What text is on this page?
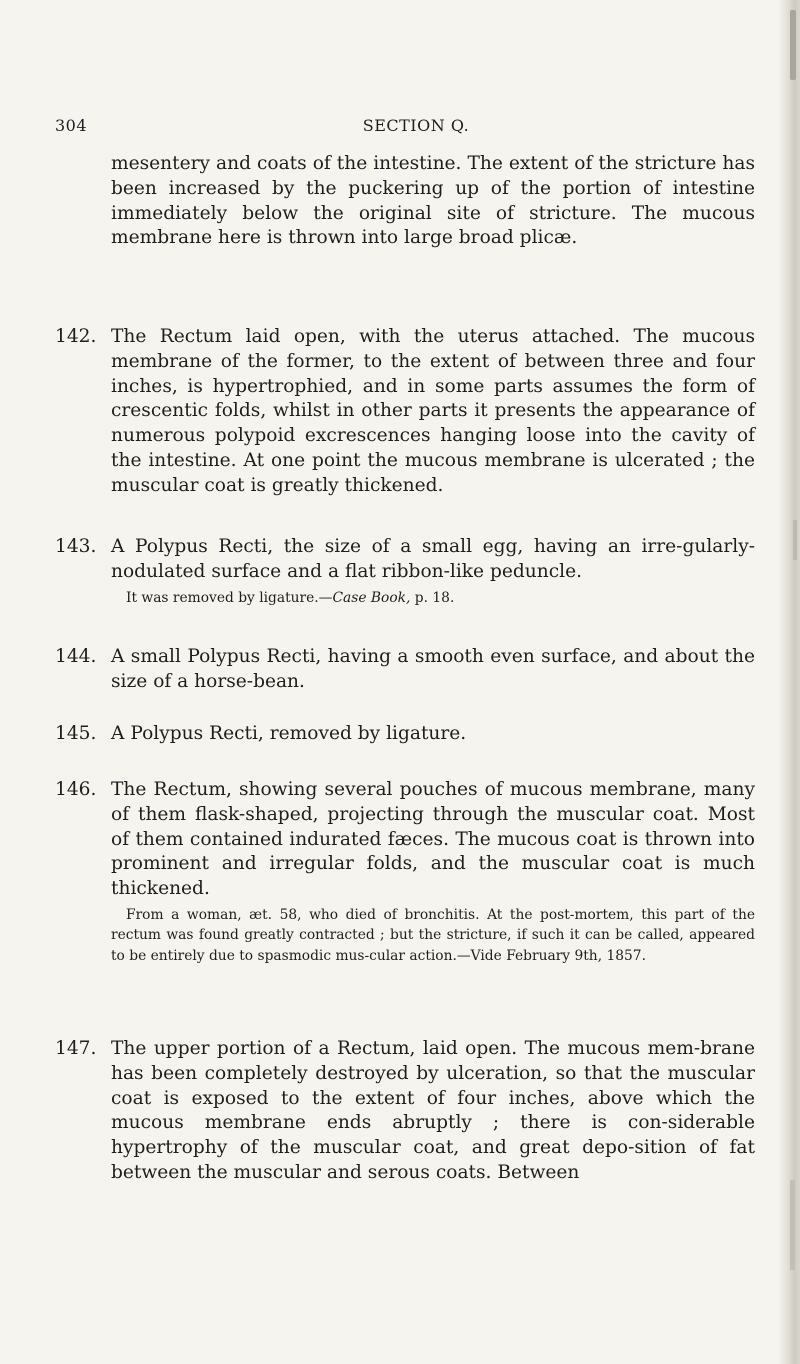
304	SECTION Q.
mesentery and coats of the intestine. The extent of the stricture has been increased by the puckering up of the portion of intestine immediately below the original site of stricture. The mucous membrane here is thrown into large broad plicæ.
142. The Rectum laid open, with the uterus attached. The mucous membrane of the former, to the extent of between three and four inches, is hypertrophied, and in some parts assumes the form of crescentic folds, whilst in other parts it presents the appearance of numerous polypoid excrescences hanging loose into the cavity of the intestine. At one point the mucous membrane is ulcerated ; the muscular coat is greatly thickened.
143. A Polypus Recti, the size of a small egg, having an irre-gularly-nodulated surface and a flat ribbon-like peduncle.
It was removed by ligature.—Case Book, p. 18.
144. A small Polypus Recti, having a smooth even surface, and about the size of a horse-bean.
145. A Polypus Recti, removed by ligature.
146. The Rectum, showing several pouches of mucous membrane, many of them flask-shaped, projecting through the muscular coat. Most of them contained indurated fæces. The mucous coat is thrown into prominent and irregular folds, and the muscular coat is much thickened.
From a woman, æt. 58, who died of bronchitis. At the post-mortem, this part of the rectum was found greatly contracted ; but the stricture, if such it can be called, appeared to be entirely due to spasmodic mus-cular action.—Vide February 9th, 1857.
147. The upper portion of a Rectum, laid open. The mucous mem-brane has been completely destroyed by ulceration, so that the muscular coat is exposed to the extent of four inches, above which the mucous membrane ends abruptly ; there is con-siderable hypertrophy of the muscular coat, and great depo-sition of fat between the muscular and serous coats. Between
